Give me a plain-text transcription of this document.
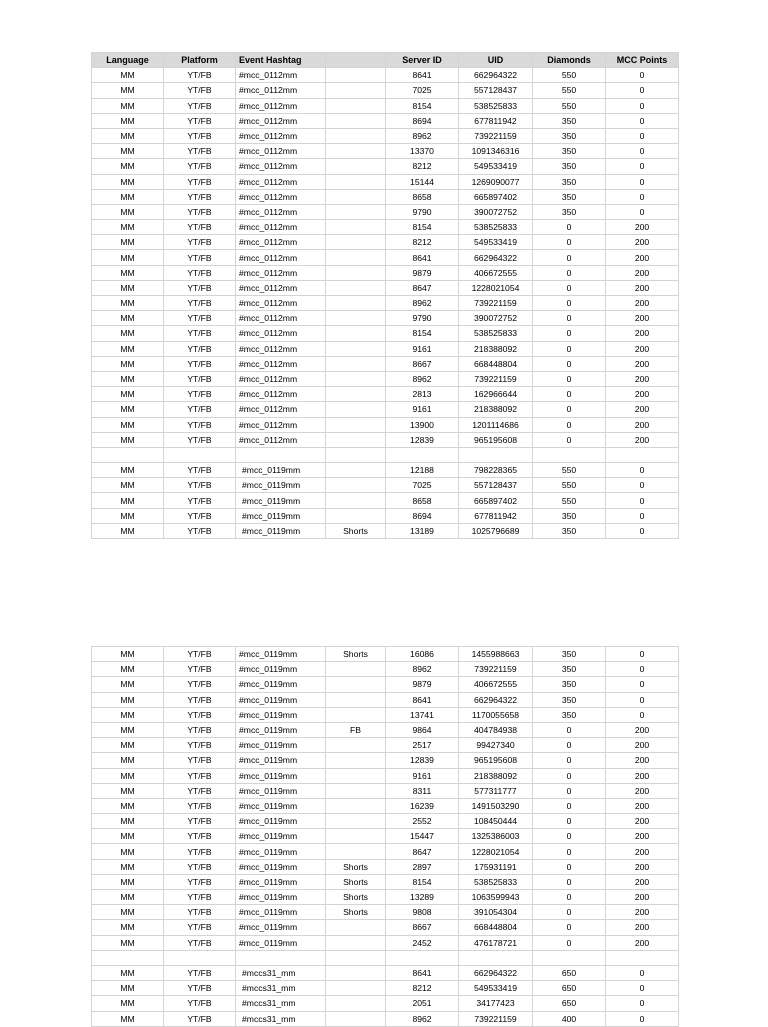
Language	Platform	Event Hashtag		Server ID	UID	Diamonds	MCC Points
MM	YT/FB	#mcc_0112mm		8641	662964322	550	0
MM	YT/FB	#mcc_0112mm		7025	557128437	550	0
MM	YT/FB	#mcc_0112mm		8154	538525833	550	0
MM	YT/FB	#mcc_0112mm		8694	677811942	350	0
MM	YT/FB	#mcc_0112mm		8962	739221159	350	0
MM	YT/FB	#mcc_0112mm		13370	1091346316	350	0
MM	YT/FB	#mcc_0112mm		8212	549533419	350	0
MM	YT/FB	#mcc_0112mm		15144	1269090077	350	0
MM	YT/FB	#mcc_0112mm		8658	665897402	350	0
MM	YT/FB	#mcc_0112mm		9790	390072752	350	0
MM	YT/FB	#mcc_0112mm		8154	538525833	0	200
MM	YT/FB	#mcc_0112mm		8212	549533419	0	200
MM	YT/FB	#mcc_0112mm		8641	662964322	0	200
MM	YT/FB	#mcc_0112mm		9879	406672555	0	200
MM	YT/FB	#mcc_0112mm		8647	1228021054	0	200
MM	YT/FB	#mcc_0112mm		8962	739221159	0	200
MM	YT/FB	#mcc_0112mm		9790	390072752	0	200
MM	YT/FB	#mcc_0112mm		8154	538525833	0	200
MM	YT/FB	#mcc_0112mm		9161	218388092	0	200
MM	YT/FB	#mcc_0112mm		8667	668448804	0	200
MM	YT/FB	#mcc_0112mm		8962	739221159	0	200
MM	YT/FB	#mcc_0112mm		2813	162966644	0	200
MM	YT/FB	#mcc_0112mm		9161	218388092	0	200
MM	YT/FB	#mcc_0112mm		13900	1201114686	0	200
MM	YT/FB	#mcc_0112mm		12839	965195608	0	200

MM	YT/FB	#mcc_0119mm		12188	798228365	550	0
MM	YT/FB	#mcc_0119mm		7025	557128437	550	0
MM	YT/FB	#mcc_0119mm		8658	665897402	550	0
MM	YT/FB	#mcc_0119mm		8694	677811942	350	0
MM	YT/FB	#mcc_0119mm	Shorts	13189	1025796689	350	0
MM	YT/FB	#mcc_0119mm	Shorts	16086	1455988663	350	0
MM	YT/FB	#mcc_0119mm		8962	739221159	350	0
MM	YT/FB	#mcc_0119mm		9879	406672555	350	0
MM	YT/FB	#mcc_0119mm		8641	662964322	350	0
MM	YT/FB	#mcc_0119mm		13741	1170055658	350	0
MM	YT/FB	#mcc_0119mm	FB	9864	404784938	0	200
MM	YT/FB	#mcc_0119mm		2517	99427340	0	200
MM	YT/FB	#mcc_0119mm		12839	965195608	0	200
MM	YT/FB	#mcc_0119mm		9161	218388092	0	200
MM	YT/FB	#mcc_0119mm		8311	577311777	0	200
MM	YT/FB	#mcc_0119mm		16239	1491503290	0	200
MM	YT/FB	#mcc_0119mm		2552	108450444	0	200
MM	YT/FB	#mcc_0119mm		15447	1325386003	0	200
MM	YT/FB	#mcc_0119mm		8647	1228021054	0	200
MM	YT/FB	#mcc_0119mm	Shorts	2897	175931191	0	200
MM	YT/FB	#mcc_0119mm	Shorts	8154	538525833	0	200
MM	YT/FB	#mcc_0119mm	Shorts	13289	1063599943	0	200
MM	YT/FB	#mcc_0119mm	Shorts	9808	391054304	0	200
MM	YT/FB	#mcc_0119mm		8667	668448804	0	200
MM	YT/FB	#mcc_0119mm		2452	476178721	0	200

MM	YT/FB	#mccs31_mm		8641	662964322	650	0
MM	YT/FB	#mccs31_mm		8212	549533419	650	0
MM	YT/FB	#mccs31_mm		2051	34177423	650	0
MM	YT/FB	#mccs31_mm		8962	739221159	400	0
